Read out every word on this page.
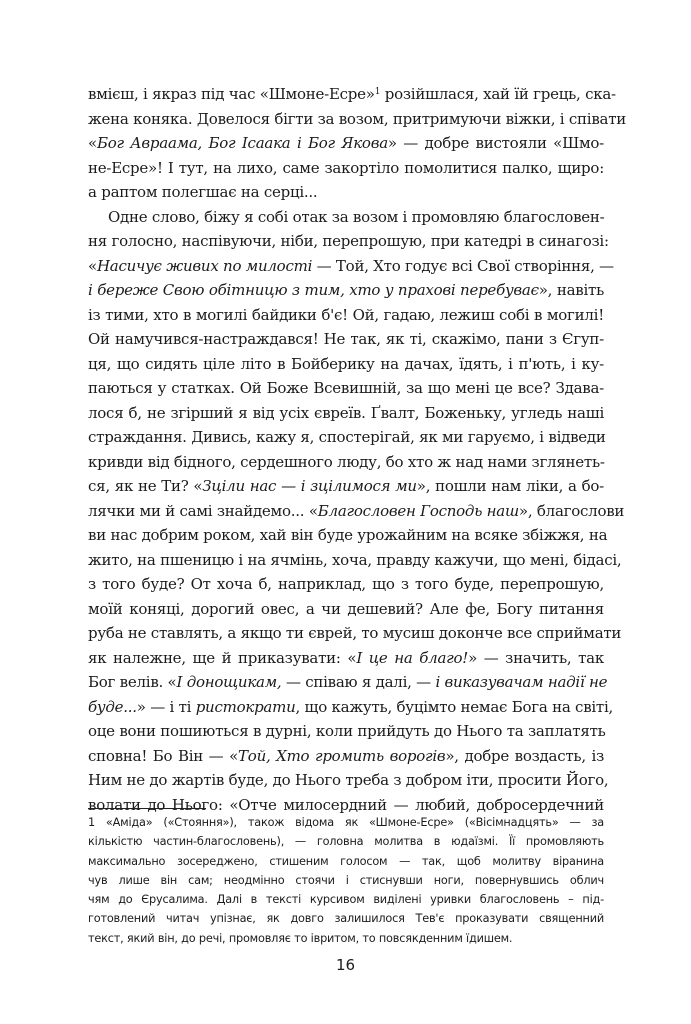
вмієш, і якраз під час «Шмоне-Есре»$^1$ розійшлася, хай їй грець, ска-
жена коняка. Довелося бігти за возом, притримуючи віжки, і співати
«Бог Авраама, Бог Ісаака і Бог Якова» — добре вистояли «Шмо-
не-Есре»! І тут, на лихо, саме закортіло помолитися палко, щиро:
а раптом полегшає на серці...
Одне слово, біжу я собі отак за возом і промовляю благословен-
ня голосно, наспівуючи, ніби, перепрошую, при катедрі в синагозі:
«Насичує живих по милості — Той, Хто годує всі Свої створіння, —
і береже Свою обітницю з тим, хто у прахові перебуває», навіть
із тими, хто в могилі байдики б'є! Ой, гадаю, лежиш собі в могилі!
Ой намучився-настраждався! Не так, як ті, скажімо, пани з Єгуп-
ця, що сидять ціле літо в Бойберику на дачах, їдять, і п'ють, і ку-
паються у статках. Ой Боже Всевишній, за що мені це все? Здава-
лося б, не згірший я від усіх євреїв. Ґвалт, Боженьку, угледь наші
страждання. Дивись, кажу я, спостерігай, як ми гаруємо, і відведи
кривди від бідного, сердешного люду, бо хто ж над нами зглянеть-
ся, як не Ти? «Зціли нас — і зцілимося ми», пошли нам ліки, а бо-
лячки ми й самі знайдемо... «Благословен Господь наш», благослови
ви нас добрим роком, хай він буде урожайним на всяке збіжжя, на
жито, на пшеницю і на ячмінь, хоча, правду кажучи, що мені, бідасі,
з того буде? От хоча б, наприклад, що з того буде, перепрошую,
моїй коняці, дорогий овес, а чи дешевий? Але фе, Богу питання
руба не ставлять, а якщо ти єврей, то мусиш доконче все сприймати
як належне, ще й приказувати: «І це на благо!» — значить, так
Бог велів. «І донощикам, — співаю я далі, — і виказувачам надії не
буде...» — і ті ристократи, що кажуть, буцімто немає Бога на світі,
оце вони пошиються в дурні, коли прийдуть до Нього та заплатять
сповна! Бо Він — «Той, Хто громить ворогів», добре воздасть, із
Ним не до жартів буде, до Нього треба з добром іти, просити Його,
волати до Нього: «Отче милосердний — любий, добросердечний
1 «Аміда» («Стояння»), також відома як «Шмоне-Есре» («Вісімнадцять» — за
кількістю частин-благословень), — головна молитва в юдаїзмі. Її промовляють
максимально зосереджено, стишеним голосом — так, щоб молитву віранина
чув лише він сам; неодмінно стоячи і стиснувши ноги, повернувшись облич
чям до Єрусалима. Далі в тексті курсивом виділені уривки благословень – під-
готовлений читач упізнає, як довго залишилося Тев'є проказувати священний
текст, який він, до речі, промовляє то івритом, то повсякденним їдишем.
16
